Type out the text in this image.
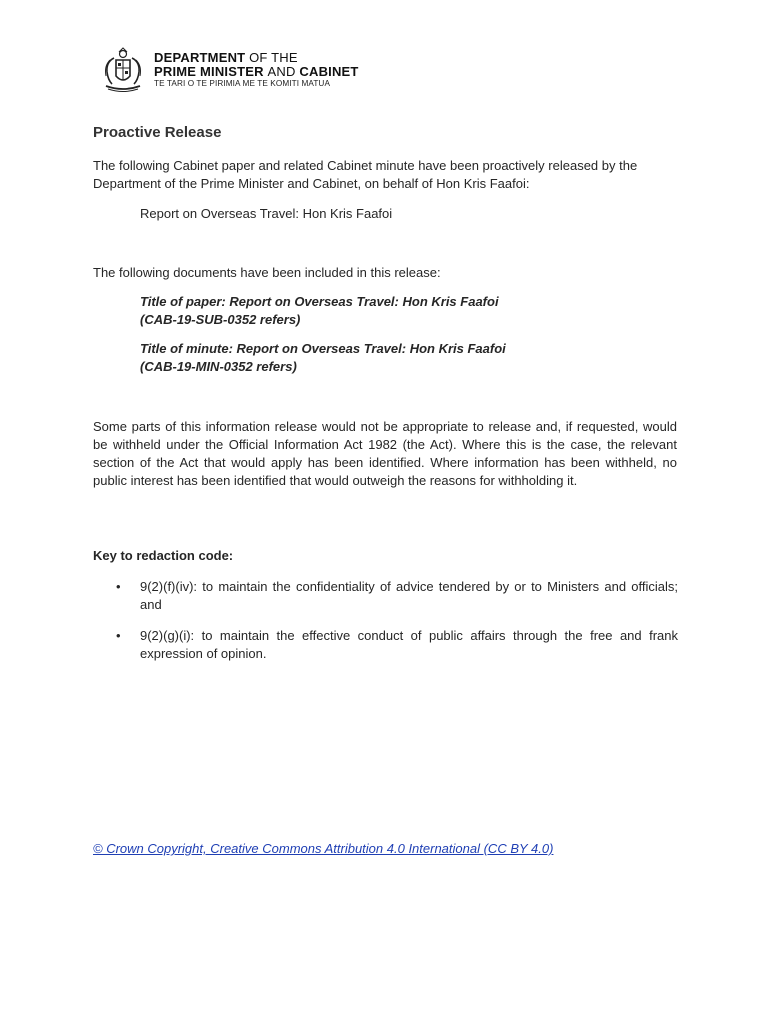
DEPARTMENT OF THE
PRIME MINISTER AND CABINET
TE TARI O TE PIRIMIA ME TE KOMITI MATUA
Proactive Release

The following Cabinet paper and related Cabinet minute have been proactively released by the Department of the Prime Minister and Cabinet, on behalf of Hon Kris Faafoi:

Report on Overseas Travel: Hon Kris Faafoi

The following documents have been included in this release:

Title of paper: Report on Overseas Travel: Hon Kris Faafoi

(CAB-19-SUB-0352 refers)

Title of minute: Report on Overseas Travel: Hon Kris Faafoi

(CAB-19-MIN-0352 refers)

Some parts of this information release would not be appropriate to release and, if requested, would be withheld under the Official Information Act 1982 (the Act). Where this is the case, the relevant section of the Act that would apply has been identified. Where information has been withheld, no public interest has been identified that would outweigh the reasons for withholding it.

Key to redaction code:

• 9(2)(f)(iv): to maintain the confidentiality of advice tendered by or to Ministers and officials; and
• 9(2)(g)(i): to maintain the effective conduct of public affairs through the free and frank expression of opinion.
© Crown Copyright, Creative Commons Attribution 4.0 International (CC BY 4.0)
